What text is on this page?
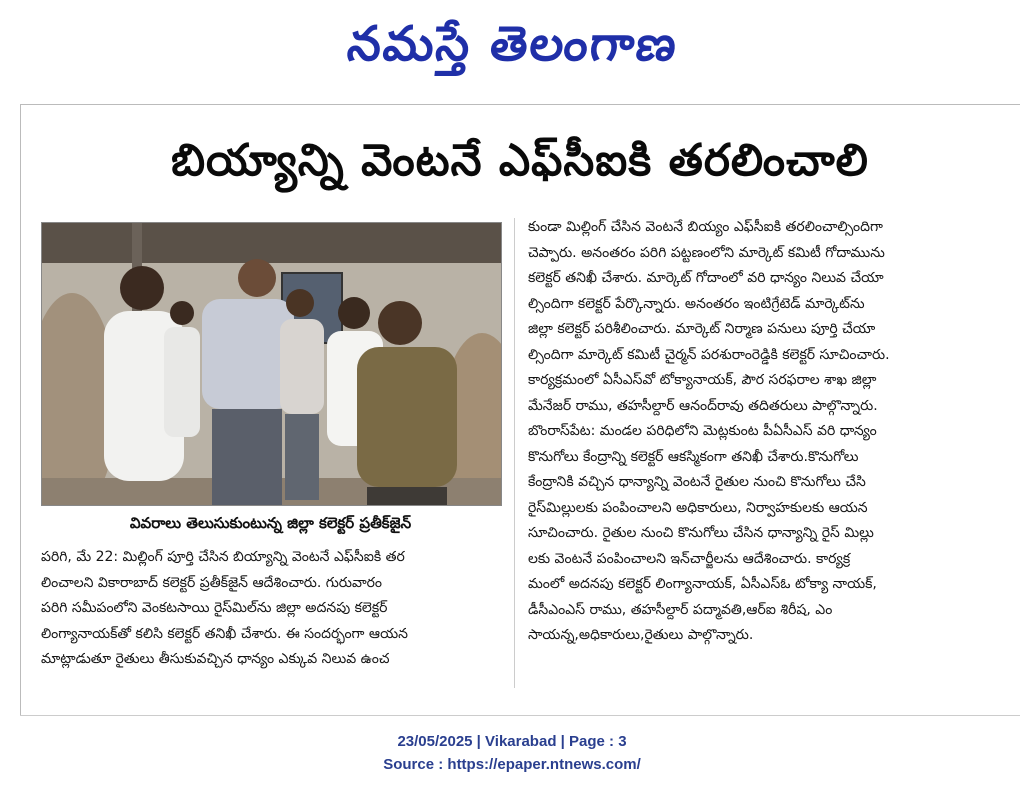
నమస్తే తెలంగాణ
బియ్యాన్ని వెంటనే ఎఫ్‌సీఐకి తరలించాలి
వివరాలు తెలుసుకుంటున్న జిల్లా కలెక్టర్ ప్రతీక్‌జైన్

పరిగి, మే 22: మిల్లింగ్ పూర్తి చేసిన బియ్యాన్ని వెంటనే ఎఫ్‌సీఐకి తర

లించాలని వికారాబాద్ కలెక్టర్ ప్రతీక్‌జైన్ ఆదేశించారు. గురువారం

పరిగి సమీపంలోని వెంకటసాయి రైస్‌మిల్‌ను జిల్లా అదనపు కలెక్టర్

లింగ్యానాయక్‌తో కలిసి కలెక్టర్ తనిఖీ చేశారు. ఈ సందర్భంగా ఆయన

మాట్లాడుతూ రైతులు తీసుకువచ్చిన ధాన్యం ఎక్కువ నిలువ ఉంచ

కుండా మిల్లింగ్ చేసిన వెంటనే బియ్యం ఎఫ్‌సీఐకి తరలించాల్సిందిగా

చెప్పారు. అనంతరం పరిగి పట్టణంలోని మార్కెట్ కమిటీ గోదామును

కలెక్టర్ తనిఖీ చేశారు. మార్కెట్ గోదాంలో వరి ధాన్యం నిలువ చేయా

ల్సిందిగా కలెక్టర్ పేర్కొన్నారు. అనంతరం ఇంటిగ్రేటెడ్ మార్కెట్‌ను

జిల్లా కలెక్టర్ పరిశీలించారు. మార్కెట్ నిర్మాణ పనులు పూర్తి చేయా

ల్సిందిగా మార్కెట్ కమిటీ చైర్మన్ పరశురాంరెడ్డికి కలెక్టర్ సూచించారు.

కార్యక్రమంలో ఏసీఎస్‌వో టోక్యానాయక్, పౌర సరఫరాల శాఖ జిల్లా

మేనేజర్ రాము, తహసీల్దార్ ఆనంద్‌రావు తదితరులు పాల్గొన్నారు.

బొంరాస్‌పేట: మండల పరిధిలోని మెట్లకుంట పీఏసీఎస్ వరి ధాన్యం

కొనుగోలు కేంద్రాన్ని కలెక్టర్ ఆకస్మికంగా తనిఖీ చేశారు.కొనుగోలు

కేంద్రానికి వచ్చిన ధాన్యాన్ని వెంటనే రైతుల నుంచి కొనుగోలు చేసి

రైస్‌మిల్లులకు పంపించాలని అధికారులు, నిర్వాహకులకు ఆయన

సూచించారు. రైతుల నుంచి కొనుగోలు చేసిన ధాన్యాన్ని రైస్ మిల్లు

లకు వెంటనే పంపించాలని ఇన్‌చార్జీలను ఆదేశించారు. కార్యక్ర

మంలో అదనపు కలెక్టర్ లింగ్యానాయక్, ఏసీఎస్‌ఓ టోక్యా నాయక్,

డీసీఎంఎస్ రాము, తహసీల్దార్ పద్మావతి,ఆర్ఐ శిరీష, ఎం

సాయన్న,అధికారులు,రైతులు పాల్గొన్నారు.

23/05/2025 | Vikarabad | Page : 3
Source : https://epaper.ntnews.com/
